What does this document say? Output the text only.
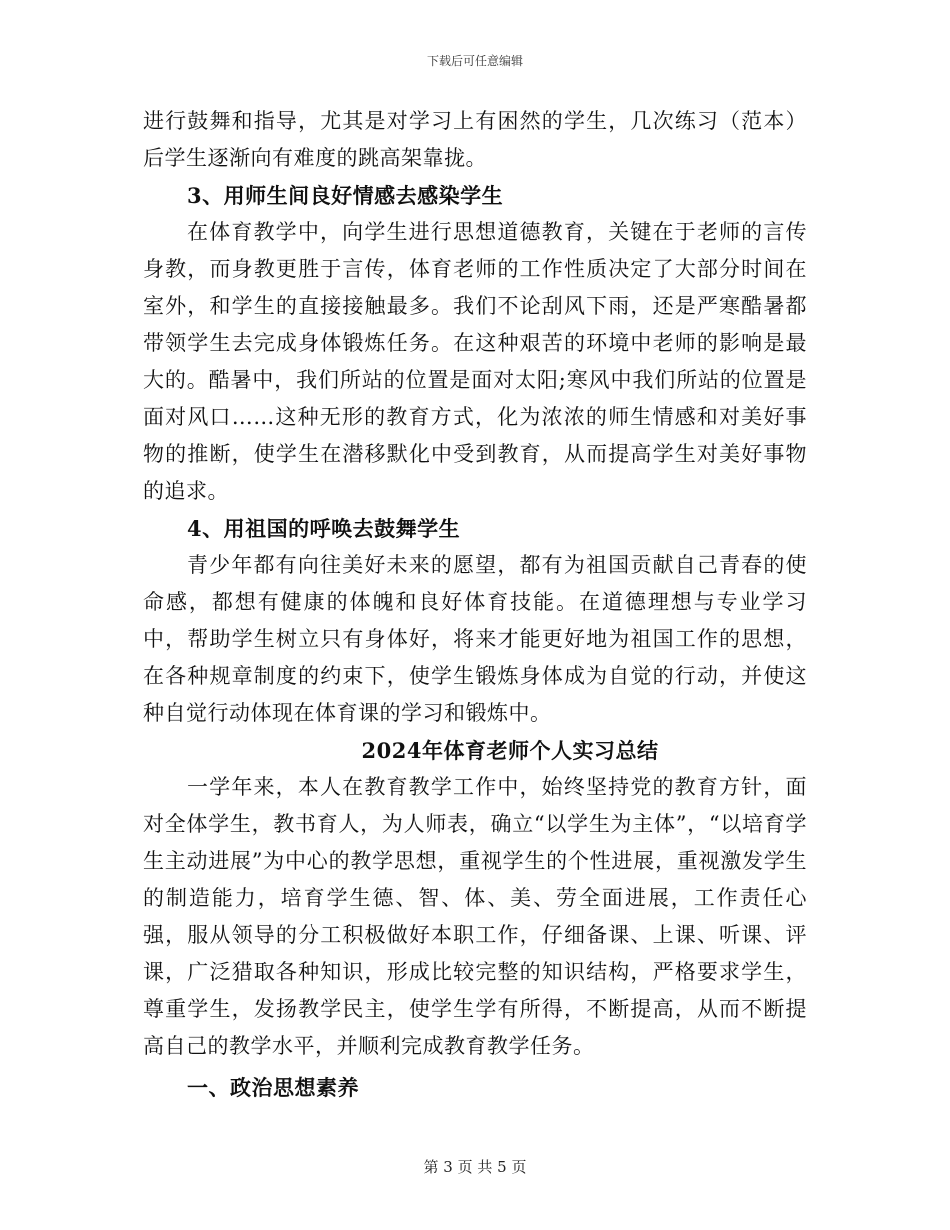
下载后可任意编辑

进行鼓舞和指导，尤其是对学习上有困然的学生，几次练习（范本）后学生逐渐向有难度的跳高架靠拢。

3、用师生间良好情感去感染学生

在体育教学中，向学生进行思想道德教育，关键在于老师的言传身教，而身教更胜于言传，体育老师的工作性质决定了大部分时间在室外，和学生的直接接触最多。我们不论刮风下雨，还是严寒酷暑都带领学生去完成身体锻炼任务。在这种艰苦的环境中老师的影响是最大的。酷暑中，我们所站的位置是面对太阳;寒风中我们所站的位置是面对风口……这种无形的教育方式，化为浓浓的师生情感和对美好事物的推断，使学生在潜移默化中受到教育，从而提高学生对美好事物的追求。

4、用祖国的呼唤去鼓舞学生

青少年都有向往美好未来的愿望，都有为祖国贡献自己青春的使命感，都想有健康的体魄和良好体育技能。在道德理想与专业学习中，帮助学生树立只有身体好，将来才能更好地为祖国工作的思想，在各种规章制度的约束下，使学生锻炼身体成为自觉的行动，并使这种自觉行动体现在体育课的学习和锻炼中。

2024年体育老师个人实习总结

一学年来，本人在教育教学工作中，始终坚持党的教育方针，面对全体学生，教书育人，为人师表，确立“以学生为主体”，“以培育学生主动进展”为中心的教学思想，重视学生的个性进展，重视激发学生的制造能力，培育学生德、智、体、美、劳全面进展，工作责任心强，服从领导的分工积极做好本职工作，仔细备课、上课、听课、评课，广泛猎取各种知识，形成比较完整的知识结构，严格要求学生，尊重学生，发扬教学民主，使学生学有所得，不断提高，从而不断提高自己的教学水平，并顺利完成教育教学任务。

一、政治思想素养

第 3 页 共 5 页
